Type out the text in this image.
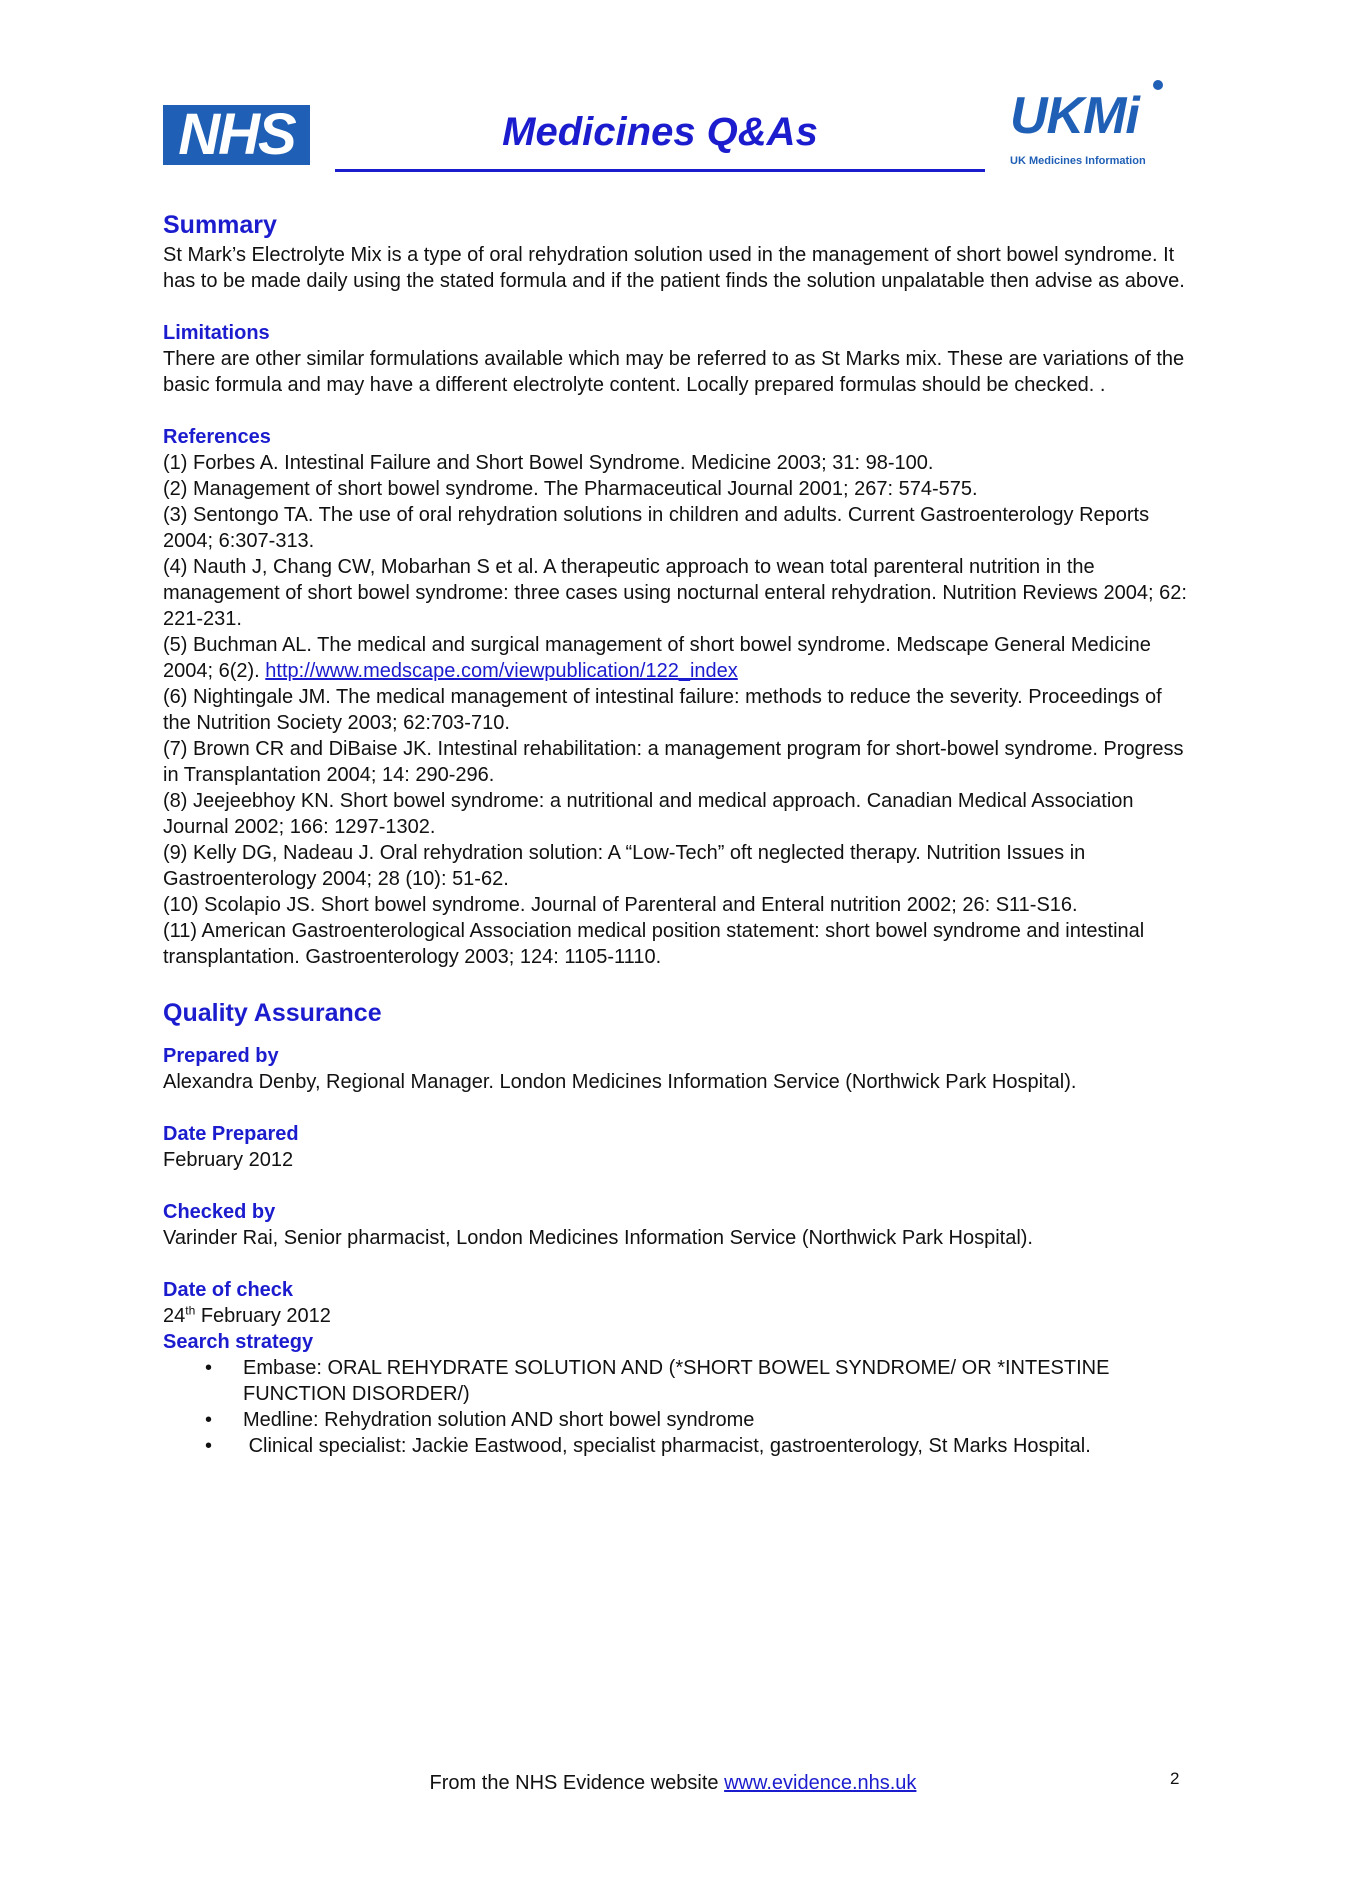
NHS	Medicines Q&As	UKMi
UK Medicines Information
Summary

St Mark’s Electrolyte Mix is a type of oral rehydration solution used in the management of short bowel syndrome. It has to be made daily using the stated formula and if the patient finds the solution unpalatable then advise as above.

Limitations

There are other similar formulations available which may be referred to as St Marks mix. These are variations of the basic formula and may have a different electrolyte content. Locally prepared formulas should be checked. .

References

(1) Forbes A. Intestinal Failure and Short Bowel Syndrome. Medicine 2003; 31: 98-100.

(2) Management of short bowel syndrome. The Pharmaceutical Journal 2001; 267: 574-575.

(3) Sentongo TA. The use of oral rehydration solutions in children and adults. Current Gastroenterology Reports 2004; 6:307-313.

(4) Nauth J, Chang CW, Mobarhan S et al. A therapeutic approach to wean total parenteral nutrition in the management of short bowel syndrome: three cases using nocturnal enteral rehydration. Nutrition Reviews 2004; 62: 221-231.

(5) Buchman AL. The medical and surgical management of short bowel syndrome. Medscape General Medicine 2004; 6(2). http://www.medscape.com/viewpublication/122_index

(6) Nightingale JM. The medical management of intestinal failure: methods to reduce the severity. Proceedings of the Nutrition Society 2003; 62:703-710.

(7) Brown CR and DiBaise JK. Intestinal rehabilitation: a management program for short-bowel syndrome. Progress in Transplantation 2004; 14: 290-296.

(8) Jeejeebhoy KN. Short bowel syndrome: a nutritional and medical approach. Canadian Medical Association Journal 2002; 166: 1297-1302.

(9) Kelly DG, Nadeau J. Oral rehydration solution: A “Low-Tech” oft neglected therapy. Nutrition Issues in Gastroenterology 2004; 28 (10): 51-62.

(10) Scolapio JS. Short bowel syndrome. Journal of Parenteral and Enteral nutrition 2002; 26: S11-S16.

(11) American Gastroenterological Association medical position statement: short bowel syndrome and intestinal transplantation. Gastroenterology 2003; 124: 1105-1110.

Quality Assurance
Prepared by

Alexandra Denby, Regional Manager. London Medicines Information Service (Northwick Park Hospital).

Date Prepared

February 2012

Checked by

Varinder Rai, Senior pharmacist, London Medicines Information Service (Northwick Park Hospital).

Date of check

24th February 2012

Search strategy
• Embase: ORAL REHYDRATE SOLUTION AND (*SHORT BOWEL SYNDROME/ OR *INTESTINE FUNCTION DISORDER/)
• Medline: Rehydration solution AND short bowel syndrome
• Clinical specialist: Jackie Eastwood, specialist pharmacist, gastroenterology, St Marks Hospital.
From the NHS Evidence website www.evidence.nhs.uk	2
